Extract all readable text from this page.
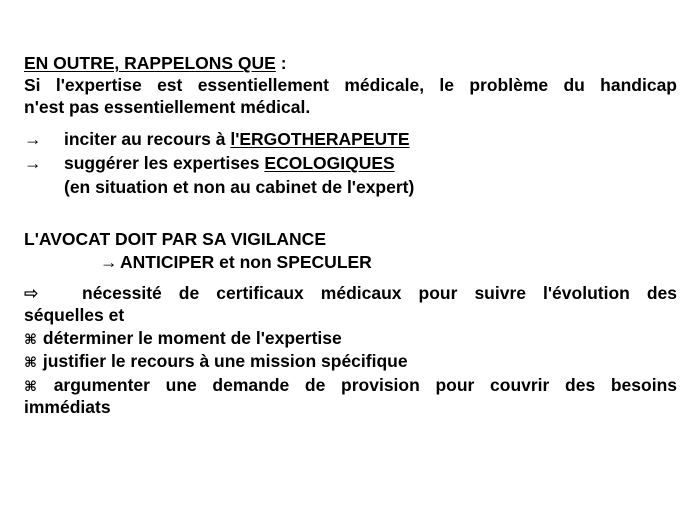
EN OUTRE, RAPPELONS QUE :
Si l'expertise est essentiellement médicale, le problème du handicap
n'est pas essentiellement médical.
→ inciter au recours à l'ERGOTHERAPEUTE
→ suggérer les expertises ECOLOGIQUES
(en situation et non au cabinet de l'expert)
L'AVOCAT DOIT PAR SA VIGILANCE
→ ANTICIPER et non SPECULER
⇨ nécessité de certificaux médicaux pour suivre l'évolution des
séquelles et
⌘ déterminer le moment de l'expertise
⌘ justifier le recours à une mission spécifique
⌘ argumenter une demande de provision pour couvrir des besoins
immédiats
